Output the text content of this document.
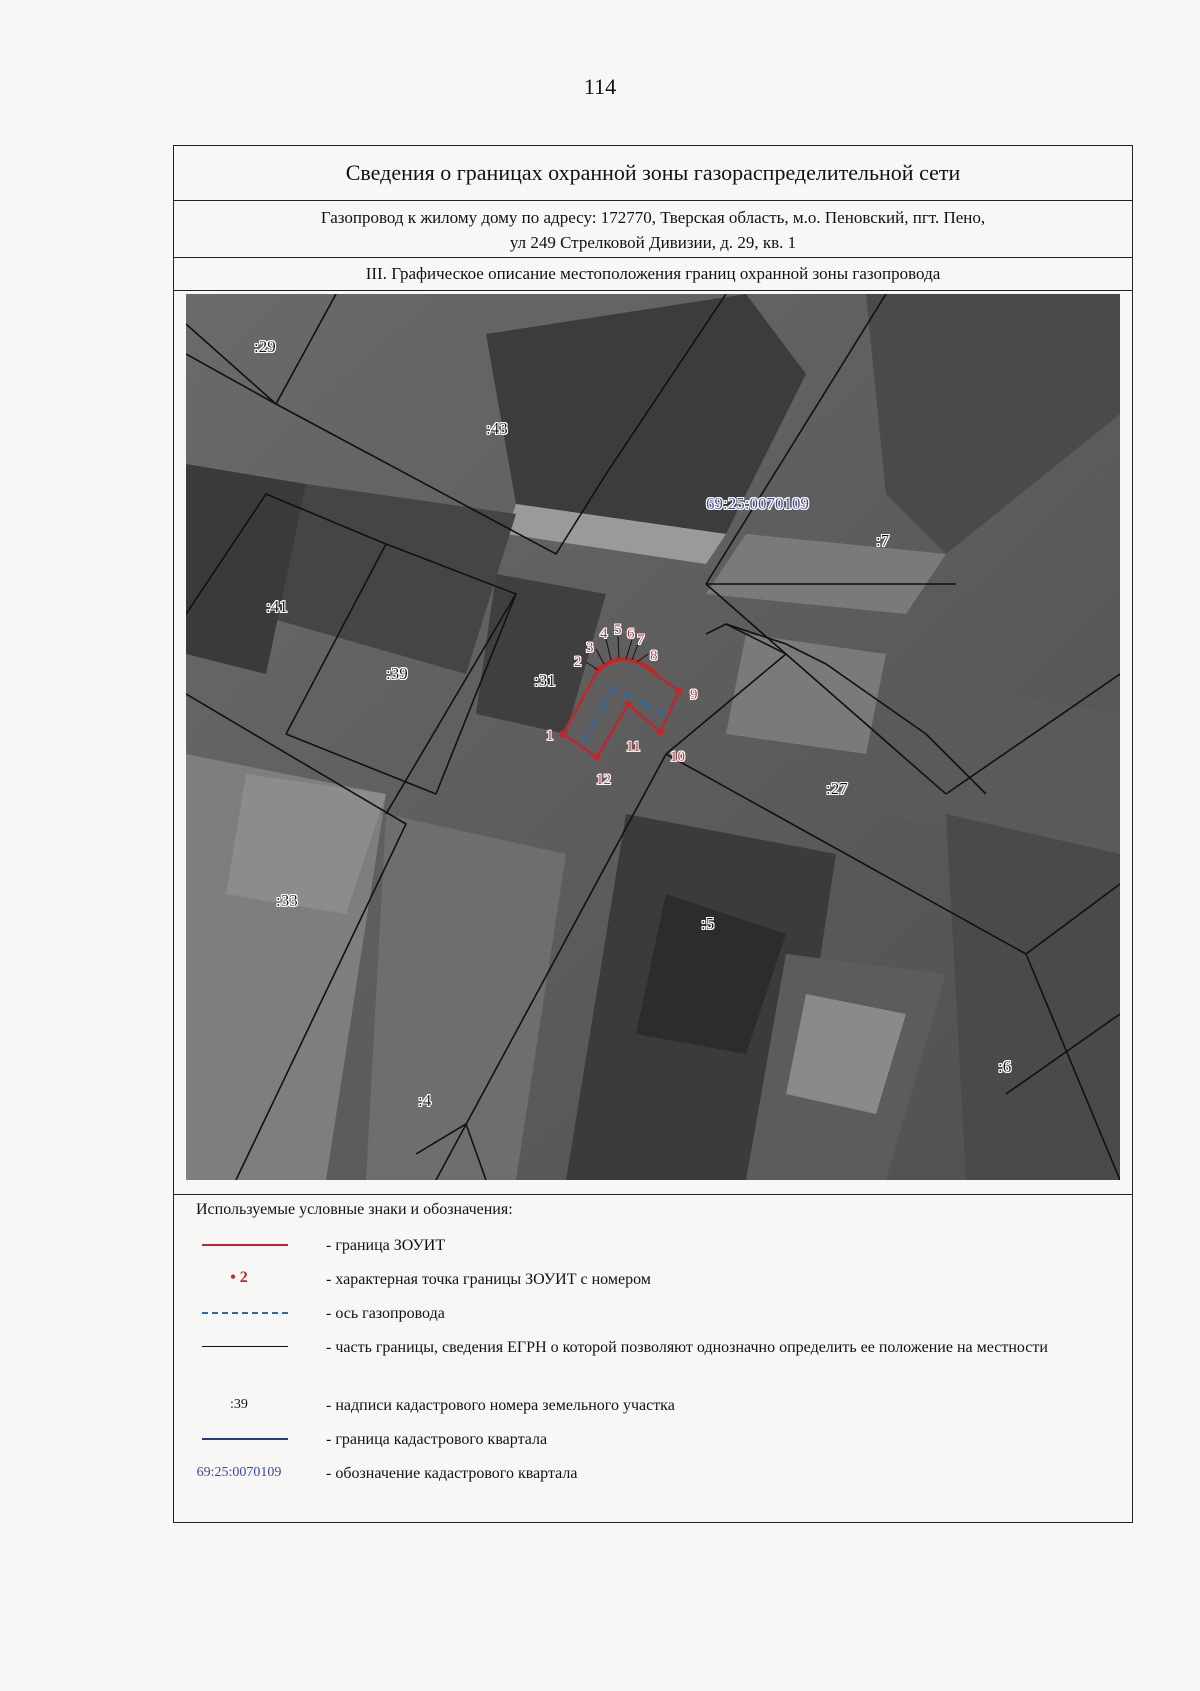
114
Сведения о границах охранной зоны газораспределительной сети
Газопровод к жилому дому по адресу: 172770, Тверская область, м.о. Пеновский, пгт. Пено,
ул 249 Стрелковой Дивизии, д. 29, кв. 1
III. Графическое описание местоположения границ охранной зоны газопровода
69:25:0070109
:29
:43
:7
:41
:39	:31
:27
:33
:5
:6
:4
1
2
3
4 5 6 7
8
9
10
11
12
Используемые условные знаки и обозначения:
- граница ЗОУИТ
• 2	- характерная точка границы ЗОУИТ с номером
- ось газопровода
- часть границы, сведения ЕГРН о которой позволяют однозначно определить ее положение на местности
:39	- надписи кадастрового номера земельного участка
- граница кадастрового квартала
69:25:0070109	- обозначение кадастрового квартала
